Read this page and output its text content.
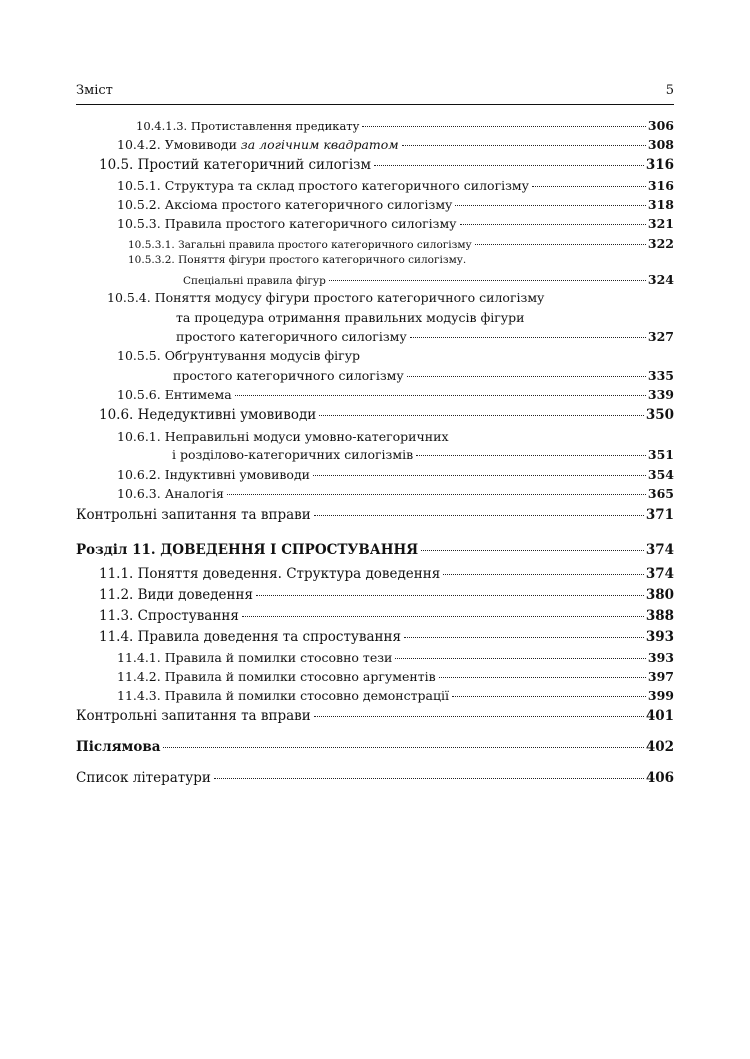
Зміст	5
10.4.1.3. Протиставлення предикату	306
10.4.2. Умовиводи за логічним квадратом	308
10.5. Простий категоричний силогізм	316
10.5.1. Структура та склад простого категоричного силогізму	316
10.5.2. Аксіома простого категоричного силогізму	318
10.5.3. Правила простого категоричного силогізму	321
10.5.3.1. Загальні правила простого категоричного силогізму	322
10.5.3.2. Поняття фігури простого категоричного силогізму.
Спеціальні правила фігур	324
10.5.4. Поняття модусу фігури простого категоричного силогізму
та процедура отримання правильних модусів фігури
простого категоричного силогізму	327
10.5.5. Обґрунтування модусів фігур
простого категоричного силогізму	335
10.5.6. Ентимема	339
10.6. Недедуктивні умовиводи	350
10.6.1. Неправильні модуси умовно-категоричних
і розділово-категоричних силогізмів	351
10.6.2. Індуктивні умовиводи	354
10.6.3. Аналогія	365
Контрольні запитання та вправи	371
Розділ 11. ДОВЕДЕННЯ І СПРОСТУВАННЯ	374
11.1. Поняття доведення. Структура доведення	374
11.2. Види доведення	380
11.3. Спростування	388
11.4. Правила доведення та спростування	393
11.4.1. Правила й помилки стосовно тези	393
11.4.2. Правила й помилки стосовно аргументів	397
11.4.3. Правила й помилки стосовно демонстрації	399
Контрольні запитання та вправи	401
Післямова	402
Список літератури	406
